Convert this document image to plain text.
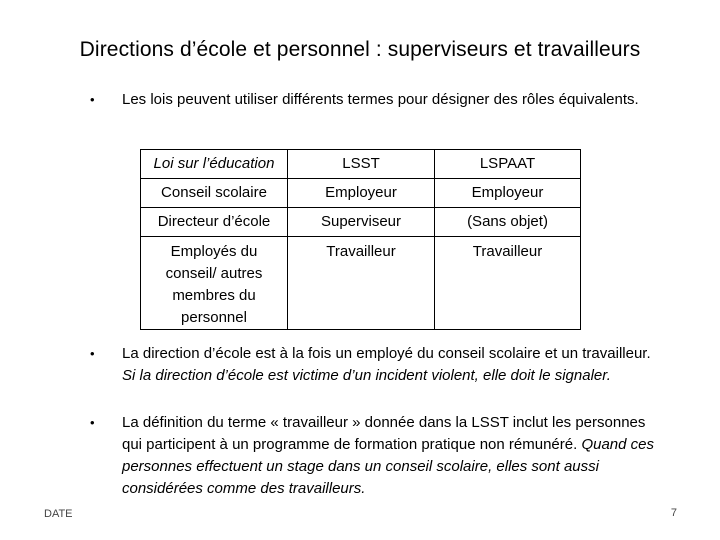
Directions d’école et personnel : superviseurs et travailleurs
• Les lois peuvent utiliser différents termes pour désigner des rôles équivalents.
Loi sur l’éducation	LSST	LSPAAT
Conseil scolaire	Employeur	Employeur
Directeur d’école	Superviseur	(Sans objet)
Employés du conseil/ autres membres du personnel	Travailleur	Travailleur
• La direction d’école est à la fois un employé du conseil scolaire et un travailleur. Si la direction d’école est victime d’un incident violent, elle doit le signaler.
• La définition du terme « travailleur » donnée dans la LSST inclut les personnes qui participent à un programme de formation pratique non rémunéré. Quand ces personnes effectuent un stage dans un conseil scolaire, elles sont aussi considérées comme des travailleurs.
DATE	7
